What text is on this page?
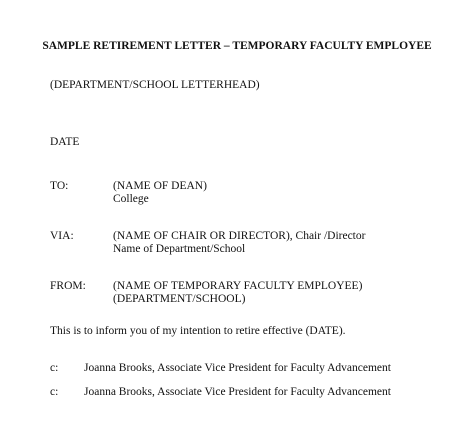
SAMPLE RETIREMENT LETTER – TEMPORARY FACULTY EMPLOYEE
(DEPARTMENT/SCHOOL LETTERHEAD)
DATE
TO:	(NAME OF DEAN)
College
VIA:	(NAME OF CHAIR OR DIRECTOR), Chair /Director
Name of Department/School
FROM: (NAME OF TEMPORARY FACULTY EMPLOYEE)
(DEPARTMENT/SCHOOL)
This is to inform you of my intention to retire effective (DATE).
c: Joanna Brooks, Associate Vice President for Faculty Advancement
c: Joanna Brooks, Associate Vice President for Faculty Advancement
